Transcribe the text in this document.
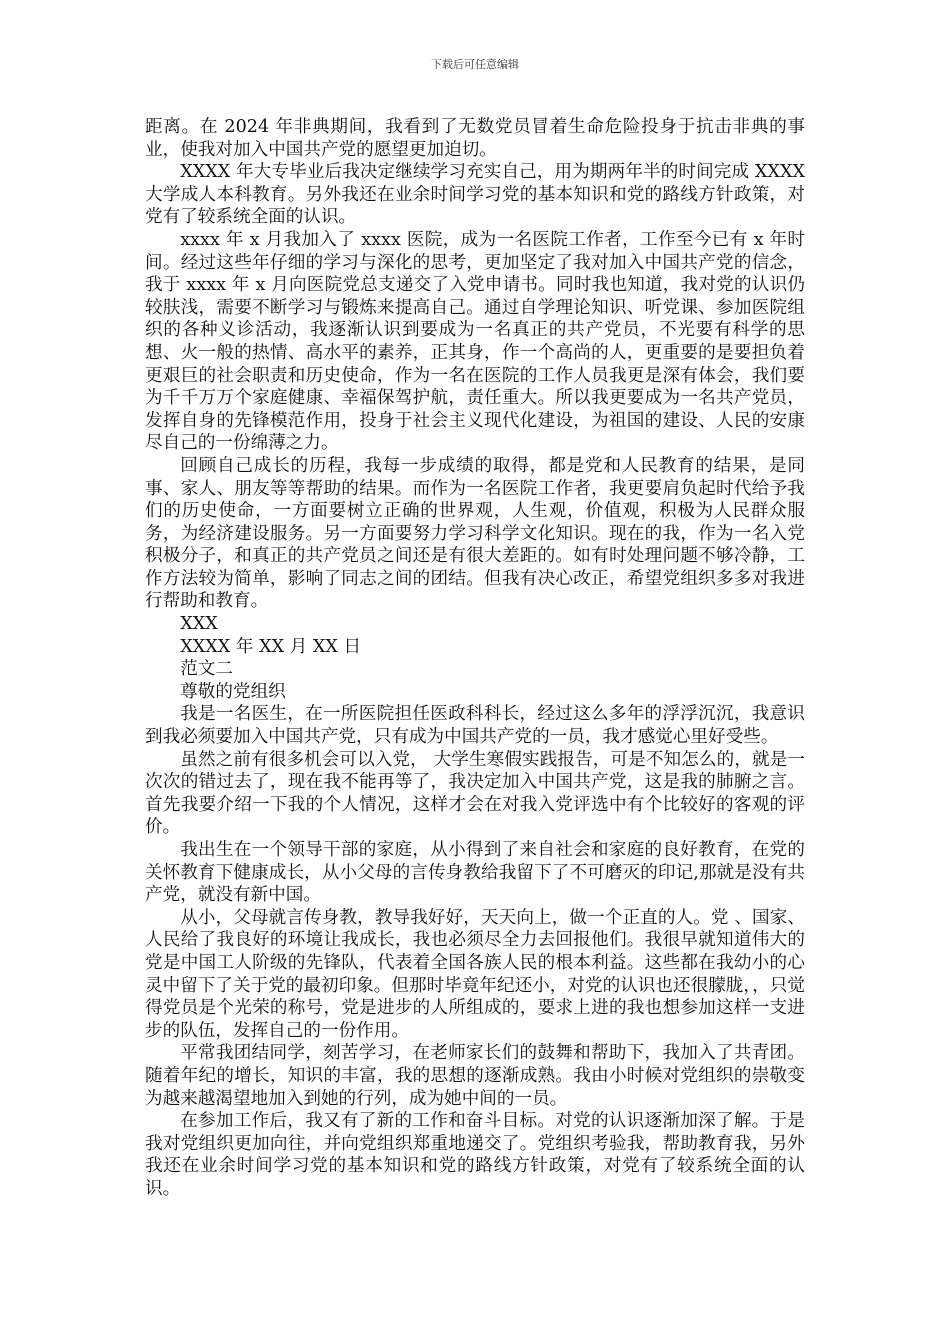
下载后可任意编辑

距离。在 2024 年非典期间，我看到了无数党员冒着生命危险投身于抗击非典的事业，使我对加入中国共产党的愿望更加迫切。

XXXX 年大专毕业后我决定继续学习充实自己，用为期两年半的时间完成 XXXX 大学成人本科教育。另外我还在业余时间学习党的基本知识和党的路线方针政策，对党有了较系统全面的认识。

xxxx 年 x 月我加入了 xxxx 医院，成为一名医院工作者，工作至今已有 x 年时间。经过这些年仔细的学习与深化的思考，更加坚定了我对加入中国共产党的信念，我于 xxxx 年 x 月向医院党总支递交了入党申请书。同时我也知道，我对党的认识仍较肤浅，需要不断学习与锻炼来提高自己。通过自学理论知识、听党课、参加医院组织的各种义诊活动，我逐渐认识到要成为一名真正的共产党员，不光要有科学的思想、火一般的热情、高水平的素养，正其身，作一个高尚的人，更重要的是要担负着更艰巨的社会职责和历史使命，作为一名在医院的工作人员我更是深有体会，我们要为千千万万个家庭健康、幸福保驾护航，责任重大。所以我更要成为一名共产党员，发挥自身的先锋模范作用，投身于社会主义现代化建设，为祖国的建设、人民的安康尽自己的一份绵薄之力。

回顾自己成长的历程，我每一步成绩的取得，都是党和人民教育的结果，是同事、家人、朋友等等帮助的结果。而作为一名医院工作者，我更要肩负起时代给予我们的历史使命，一方面要树立正确的世界观，人生观，价值观，积极为人民群众服务，为经济建设服务。另一方面要努力学习科学文化知识。现在的我，作为一名入党积极分子，和真正的共产党员之间还是有很大差距的。如有时处理问题不够冷静，工作方法较为简单，影响了同志之间的团结。但我有决心改正，希望党组织多多对我进行帮助和教育。

XXX

XXXX 年 XX 月 XX 日

范文二

尊敬的党组织

我是一名医生，在一所医院担任医政科科长，经过这么多年的浮浮沉沉，我意识到我必须要加入中国共产党，只有成为中国共产党的一员，我才感觉心里好受些。

虽然之前有很多机会可以入党， 大学生寒假实践报告，可是不知怎么的，就是一次次的错过去了，现在我不能再等了，我决定加入中国共产党，这是我的肺腑之言。首先我要介绍一下我的个人情况，这样才会在对我入党评选中有个比较好的客观的评价。

我出生在一个领导干部的家庭，从小得到了来自社会和家庭的良好教育，在党的关怀教育下健康成长，从小父母的言传身教给我留下了不可磨灭的印记,那就是没有共产党，就没有新中国。

从小，父母就言传身教，教导我好好，天天向上，做一个正直的人。党 、国家、人民给了我良好的环境让我成长，我也必须尽全力去回报他们。我很早就知道伟大的党是中国工人阶级的先锋队，代表着全国各族人民的根本利益。这些都在我幼小的心灵中留下了关于党的最初印象。但那时毕竟年纪还小，对党的认识也还很朦胧，，只觉得党员是个光荣的称号，党是进步的人所组成的，要求上进的我也想参加这样一支进步的队伍，发挥自己的一份作用。

平常我团结同学，刻苦学习，在老师家长们的鼓舞和帮助下，我加入了共青团。随着年纪的增长，知识的丰富，我的思想的逐渐成熟。我由小时候对党组织的崇敬变为越来越渴望地加入到她的行列，成为她中间的一员。

在参加工作后，我又有了新的工作和奋斗目标。对党的认识逐渐加深了解。于是我对党组织更加向往，并向党组织郑重地递交了。党组织考验我，帮助教育我，另外我还在业余时间学习党的基本知识和党的路线方针政策，对党有了较系统全面的认识。
